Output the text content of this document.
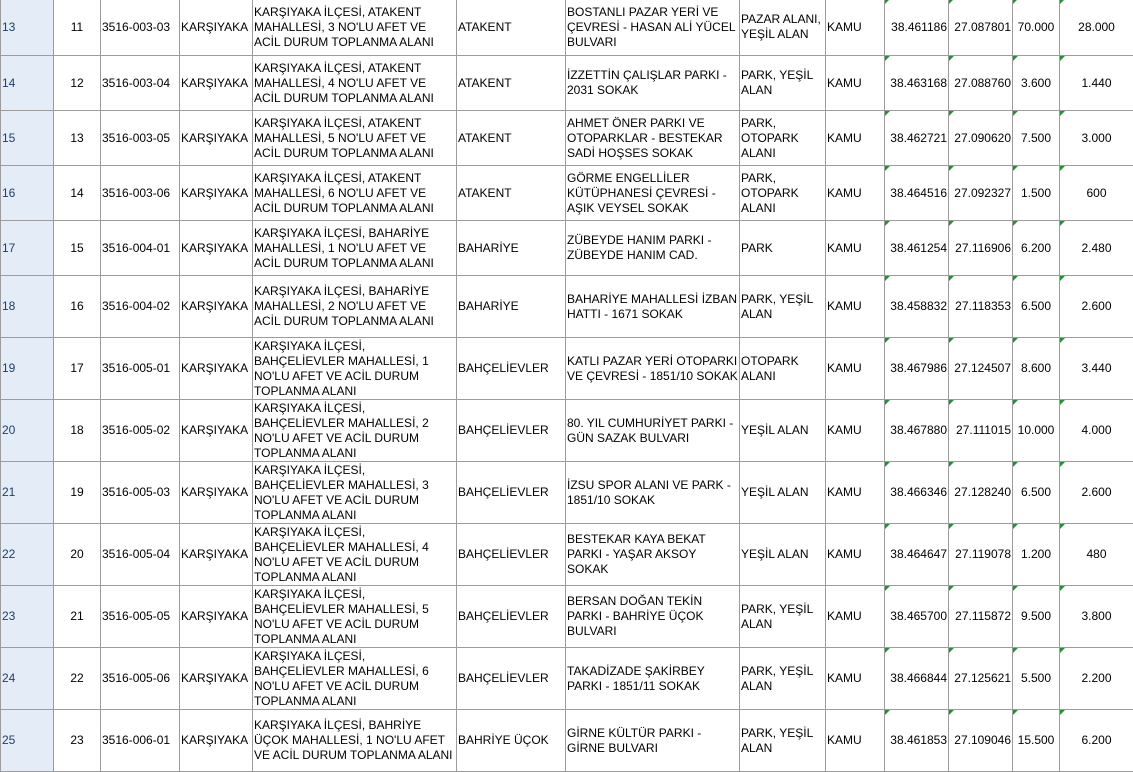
13	11	3516-003-03	KARŞIYAKA	KARŞIYAKA İLÇESİ, ATAKENT MAHALLESİ, 3 NO'LU AFET VE ACİL DURUM TOPLANMA ALANI	ATAKENT	BOSTANLI PAZAR YERİ VE ÇEVRESİ - HASAN ALİ YÜCEL BULVARI	PAZAR ALANI, YEŞİL ALAN	KAMU	38.461186	27.087801	70.000	28.000
14	12	3516-003-04	KARŞIYAKA	KARŞIYAKA İLÇESİ, ATAKENT MAHALLESİ, 4 NO'LU AFET VE ACİL DURUM TOPLANMA ALANI	ATAKENT	İZZETTİN ÇALIŞLAR PARKI - 2031 SOKAK	PARK, YEŞİL ALAN	KAMU	38.463168	27.088760	3.600	1.440
15	13	3516-003-05	KARŞIYAKA	KARŞIYAKA İLÇESİ, ATAKENT MAHALLESİ, 5 NO'LU AFET VE ACİL DURUM TOPLANMA ALANI	ATAKENT	AHMET ÖNER PARKI VE OTOPARKLAR - BESTEKAR SADİ HOŞSES SOKAK	PARK, OTOPARK ALANI	KAMU	38.462721	27.090620	7.500	3.000
16	14	3516-003-06	KARŞIYAKA	KARŞIYAKA İLÇESİ, ATAKENT MAHALLESİ, 6 NO'LU AFET VE ACİL DURUM TOPLANMA ALANI	ATAKENT	GÖRME ENGELLİLER KÜTÜPHANESİ ÇEVRESİ - AŞIK VEYSEL SOKAK	PARK, OTOPARK ALANI	KAMU	38.464516	27.092327	1.500	600
17	15	3516-004-01	KARŞIYAKA	KARŞIYAKA İLÇESİ, BAHARİYE MAHALLESİ, 1 NO'LU AFET VE ACİL DURUM TOPLANMA ALANI	BAHARİYE	ZÜBEYDE HANIM PARKI - ZÜBEYDE HANIM CAD.	PARK	KAMU	38.461254	27.116906	6.200	2.480
18	16	3516-004-02	KARŞIYAKA	KARŞIYAKA İLÇESİ, BAHARİYE MAHALLESİ, 2 NO'LU AFET VE ACİL DURUM TOPLANMA ALANI	BAHARİYE	BAHARİYE MAHALLESİ İZBAN HATTI - 1671 SOKAK	PARK, YEŞİL ALAN	KAMU	38.458832	27.118353	6.500	2.600
19	17	3516-005-01	KARŞIYAKA	KARŞIYAKA İLÇESİ, BAHÇELİEVLER MAHALLESİ, 1 NO'LU AFET VE ACİL DURUM TOPLANMA ALANI	BAHÇELİEVLER	KATLI PAZAR YERİ OTOPARKI VE ÇEVRESİ - 1851/10 SOKAK	OTOPARK ALANI	KAMU	38.467986	27.124507	8.600	3.440
20	18	3516-005-02	KARŞIYAKA	KARŞIYAKA İLÇESİ, BAHÇELİEVLER MAHALLESİ, 2 NO'LU AFET VE ACİL DURUM TOPLANMA ALANI	BAHÇELİEVLER	80. YIL CUMHURİYET PARKI - GÜN SAZAK BULVARI	YEŞİL ALAN	KAMU	38.467880	27.111015	10.000	4.000
21	19	3516-005-03	KARŞIYAKA	KARŞIYAKA İLÇESİ, BAHÇELİEVLER MAHALLESİ, 3 NO'LU AFET VE ACİL DURUM TOPLANMA ALANI	BAHÇELİEVLER	İZSU SPOR ALANI VE PARK - 1851/10 SOKAK	YEŞİL ALAN	KAMU	38.466346	27.128240	6.500	2.600
22	20	3516-005-04	KARŞIYAKA	KARŞIYAKA İLÇESİ, BAHÇELİEVLER MAHALLESİ, 4 NO'LU AFET VE ACİL DURUM TOPLANMA ALANI	BAHÇELİEVLER	BESTEKAR KAYA BEKAT PARKI - YAŞAR AKSOY SOKAK	YEŞİL ALAN	KAMU	38.464647	27.119078	1.200	480
23	21	3516-005-05	KARŞIYAKA	KARŞIYAKA İLÇESİ, BAHÇELİEVLER MAHALLESİ, 5 NO'LU AFET VE ACİL DURUM TOPLANMA ALANI	BAHÇELİEVLER	BERSAN DOĞAN TEKİN PARKI - BAHRİYE ÜÇOK BULVARI	PARK, YEŞİL ALAN	KAMU	38.465700	27.115872	9.500	3.800
24	22	3516-005-06	KARŞIYAKA	KARŞIYAKA İLÇESİ, BAHÇELİEVLER MAHALLESİ, 6 NO'LU AFET VE ACİL DURUM TOPLANMA ALANI	BAHÇELİEVLER	TAKADİZADE ŞAKİRBEY PARKI - 1851/11 SOKAK	PARK, YEŞİL ALAN	KAMU	38.466844	27.125621	5.500	2.200
25	23	3516-006-01	KARŞIYAKA	KARŞIYAKA İLÇESİ, BAHRİYE ÜÇOK MAHALLESİ, 1 NO'LU AFET VE ACİL DURUM TOPLANMA ALANI	BAHRİYE ÜÇOK	GİRNE KÜLTÜR PARKI - GİRNE BULVARI	PARK, YEŞİL ALAN	KAMU	38.461853	27.109046	15.500	6.200
